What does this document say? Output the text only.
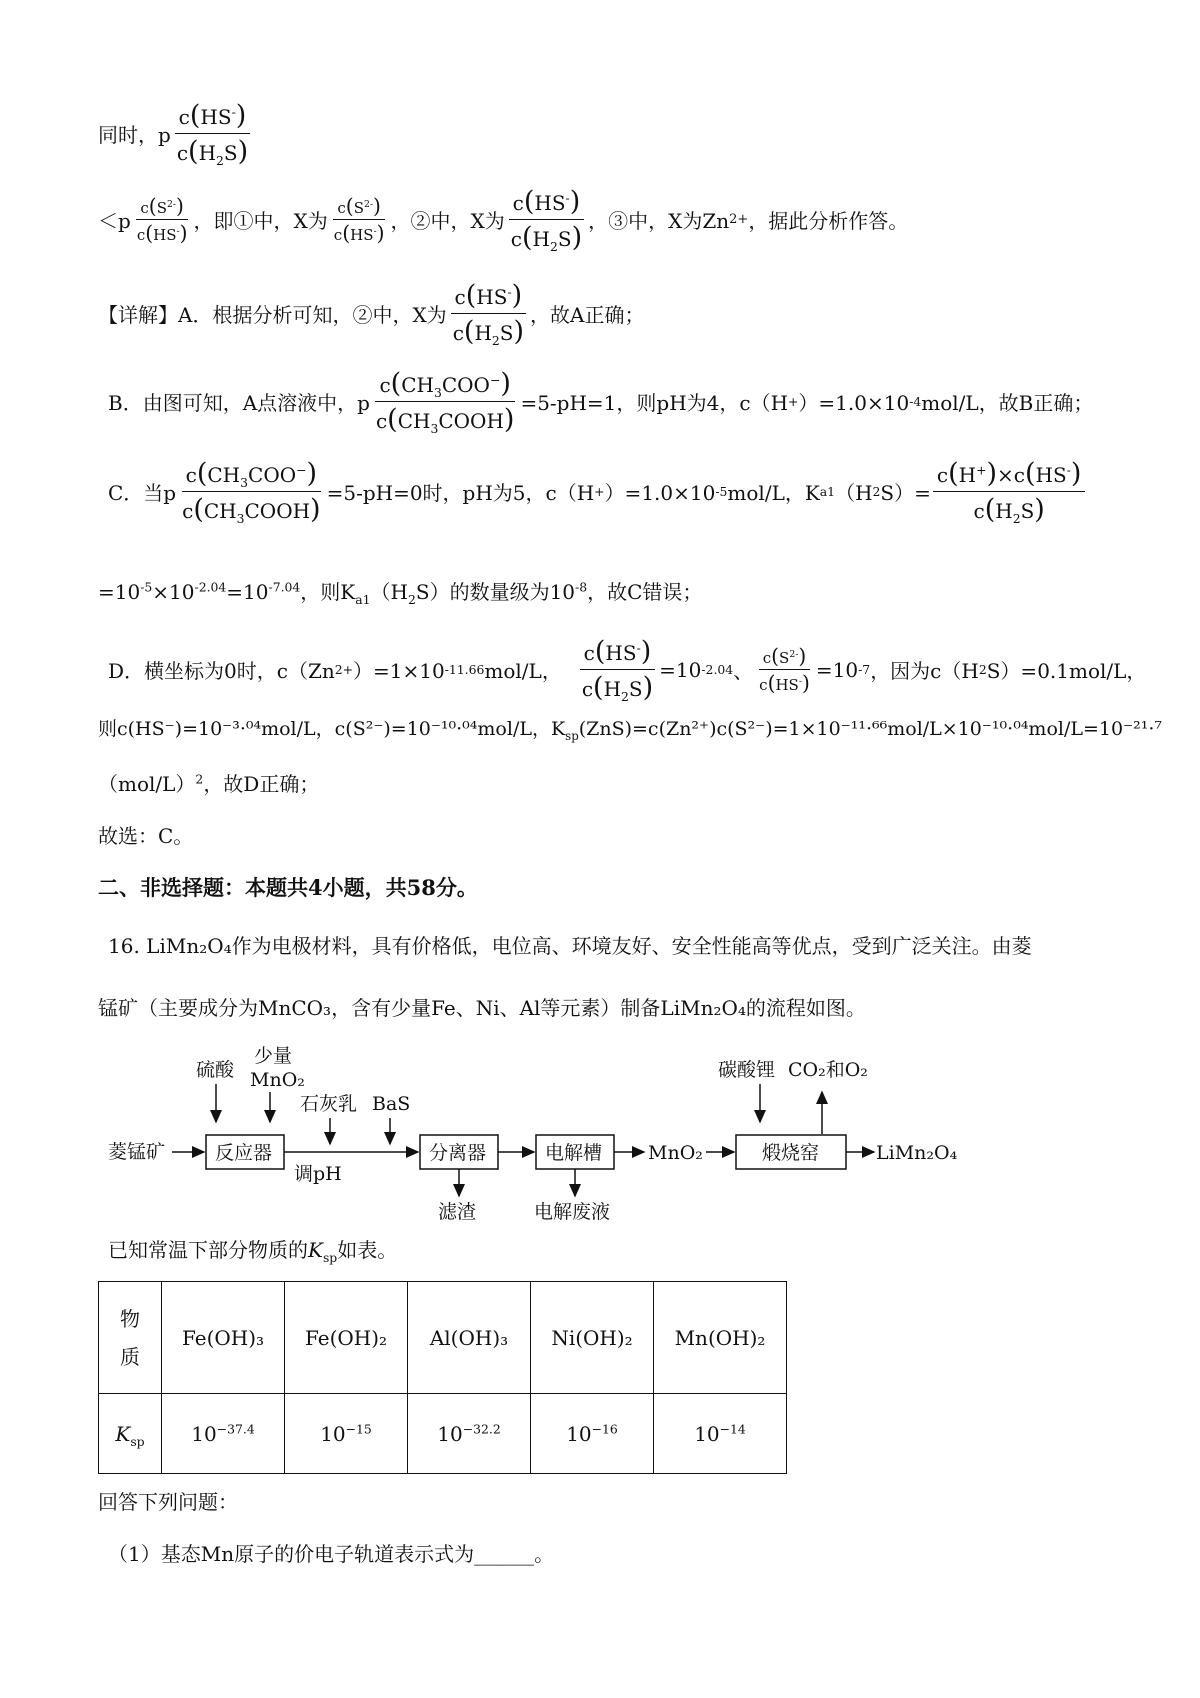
同时，p $\frac{c(HS^-)}{c(H_2S)}$
$<p \frac{c(S^{2-})}{c(HS^-)}$ ，即①中，X为 $\frac{c(S^{2-})}{c(HS^-)}$ ，②中，X为 $\frac{c(HS^-)}{c(H_2S)}$ ，③中，X为Zn 2+ ，据此分析作答。
【详解】A．根据分析可知，②中，X为 $\frac{c(HS^-)}{c(H_2S)}$ ，故A正确；
B．由图可知，A点溶液中，p $\frac{c(CH_3COO^-)}{c(CH_3COOH)} =5-pH=1$，则pH为4，c（H + ）=1.0×10 -4 mol/L，故B正确；
C．当p $\frac{c(CH_3COO^-)}{c(CH_3COOH)} =5-pH=0$时，pH为5，c（H + ）=1.0×10 -5 mol/L，K a1 （H 2 $S)= \frac{c(H^+)\times c(HS^-)}{c(H_2S)}$
$=10^{-5}\times 10^{-2.04}=10^{-7.04}$，则$K_{a1}(H_2S)$的数量级为$10^{-8}$，故C错误；
D．横坐标为0时，c（Zn 2+ ）=1×10 -11.66 mol/L， $\frac{c(HS^-)}{c(H_2S)} =10$ -2.04 、 $\frac{c(S^{2-})}{c(HS^-)} =10$ -7 ，因为c（H 2 S）=0.1mol/L，
则c(HS⁻)=10⁻³·⁰⁴mol/L，c(S²⁻)=10⁻¹⁰·⁰⁴mol/L，$K_{sp}(ZnS)=c(Zn^{2+})c(S^{2-})=1\times 10^{-11}\cdot^{66}mol/L\times 10^{-10}\cdot^{04}mol/L=10^{-21}\cdot^7$
$(mol/L)^2$，故D正确；
故选：C。
二、非选择题：本题共4小题，共58分。
16. LiMn₂O₄作为电极材料，具有价格低，电位高、环境友好、安全性能高等优点，受到广泛关注。由菱
锰矿（主要成分为MnCO₃，含有少量Fe、Ni、Al等元素）制备LiMn₂O₄的流程如图。
硫酸
少量
MnO₂
石灰乳 BaS
菱锰矿	反应器
调pH
分离器
滤渣
电解槽
电解废液
MnO₂
碳酸锂 CO₂和O₂
煅烧窑	LiMn₂O₄
已知常温下部分物质的$K_{sp}$如表。
物
质	Fe(OH)₃	Fe(OH)₂	Al(OH)₃	Ni(OH)₂	Mn(OH)₂
$K_{sp}$	$10^{-37.4}$	$10^{-15}$	$10^{-32.2}$	$10^{-16}$	$10^{-14}$
回答下列问题：
（1）基态Mn原子的价电子轨道表示式为______。
